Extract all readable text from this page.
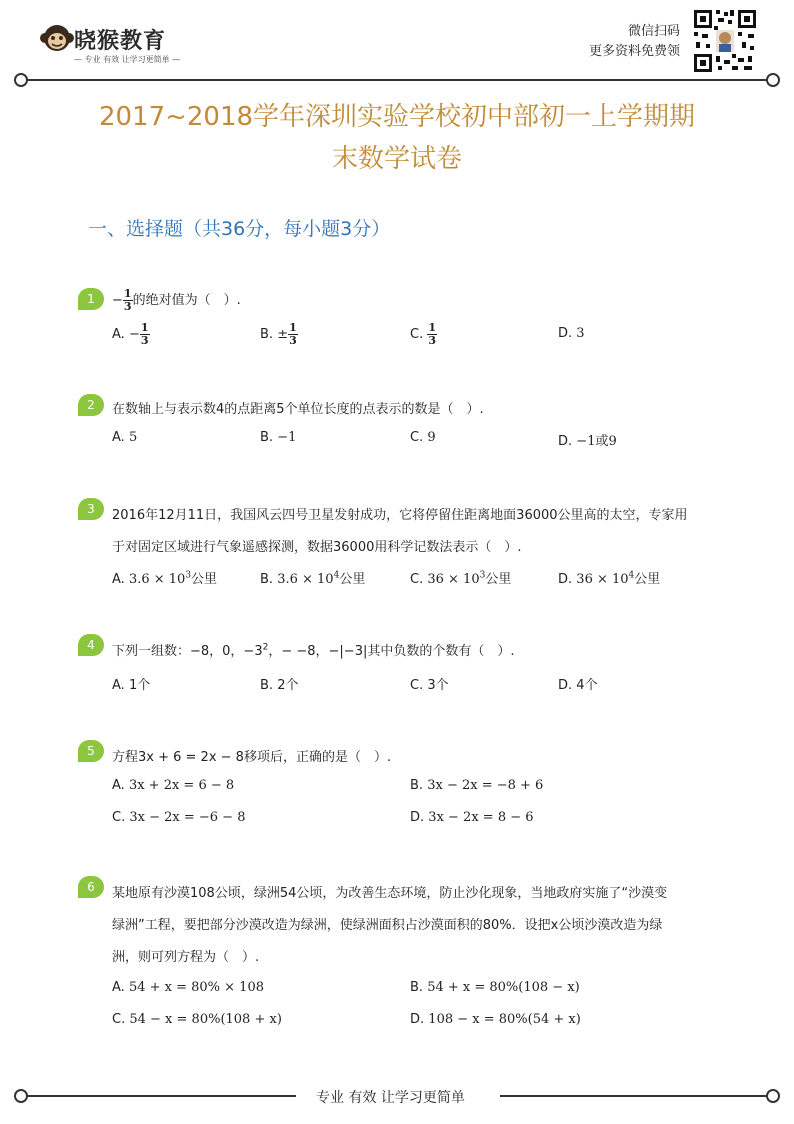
晓猴教育
— 专业 有效 让学习更简单 —
微信扫码
更多资料免费领
2017~2018学年深圳实验学校初中部初一上学期期
末数学试卷
一、选择题（共36分，每小题3分）
1	− $\frac{1}{3}$ 的绝对值为（　）.
A. − $\frac{1}{3}$	B. ± $\frac{1}{3}$	C. $\frac{1}{3}$	D. 3
2	在数轴上与表示数4的点距离5个单位长度的点表示的数是（　）.
A. 5	B. −1	C. 9	D. −1或9
3	2016年12月11日，我国风云四号卫星发射成功，它将停留住距离地面36000公里高的太空，专家用
于对固定区域进行气象遥感探测，数据36000用科学记数法表示（　）.
A. $3.6 \times 10^3$公里	B. $3.6 \times 10^4$公里	C. $36 \times 10^3$公里	D. $36 \times 10^4$公里
4	下列一组数：−8，0，$-3^2$，− −8，−|−3|其中负数的个数有（　）.
A. 1个	B. 2个	C. 3个	D. 4个
5	方程3x + 6 = 2x − 8移项后，正确的是（　）.
A. 3x + 2x = 6 − 8	B. 3x − 2x = −8 + 6
C. 3x − 2x = −6 − 8	D. 3x − 2x = 8 − 6
6	某地原有沙漠108公顷，绿洲54公顷，为改善生态环境，防止沙化现象，当地政府实施了“沙漠变
绿洲”工程，要把部分沙漠改造为绿洲，使绿洲面积占沙漠面积的80%．设把x公顷沙漠改造为绿
洲，则可列方程为（　）.
A. 54 + x = 80% × 108	B. 54 + x = 80%(108 − x)
C. 54 − x = 80%(108 + x)	D. 108 − x = 80%(54 + x)
专业 有效 让学习更简单
